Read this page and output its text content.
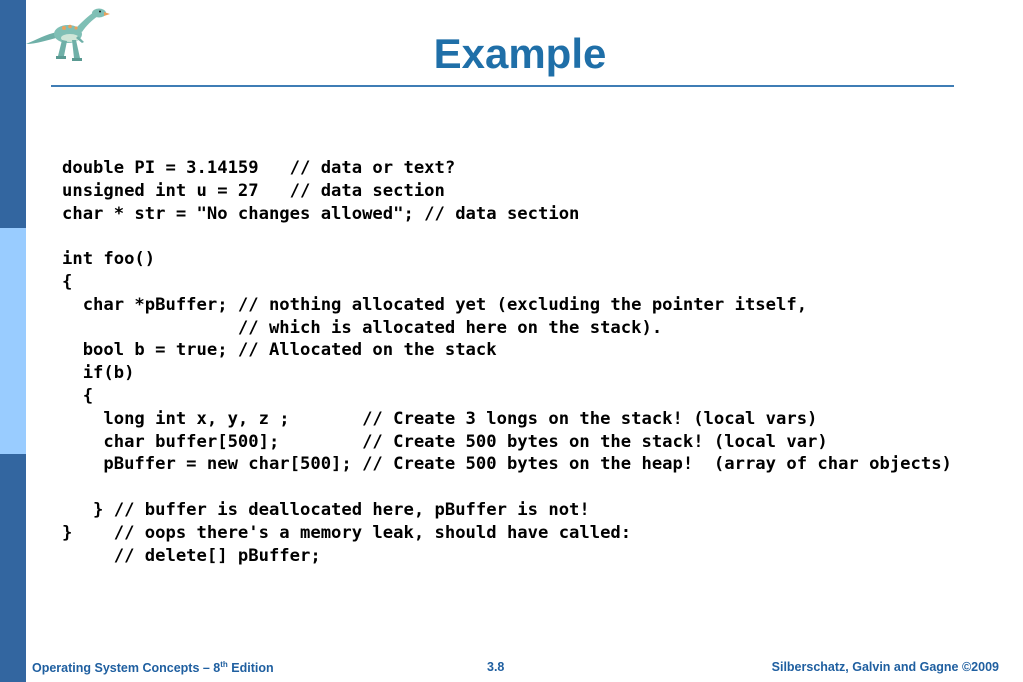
Example
double PI = 3.14159   // data or text?
unsigned int u = 27   // data section
char * str = "No changes allowed"; // data section
int foo()
{
char *pBuffer; // nothing allocated yet (excluding the pointer itself,
// which is allocated here on the stack).
bool b = true; // Allocated on the stack
if(b)
{
long int x, y, z ;       // Create 3 longs on the stack! (local vars)
char buffer[500];        // Create 500 bytes on the stack! (local var)
pBuffer = new char[500]; // Create 500 bytes on the heap!  (array of char objects)
} // buffer is deallocated here, pBuffer is not!
}    // oops there's a memory leak, should have called:
// delete[] pBuffer;
Operating System Concepts – 8th Edition	3.8	Silberschatz, Galvin and Gagne ©2009
